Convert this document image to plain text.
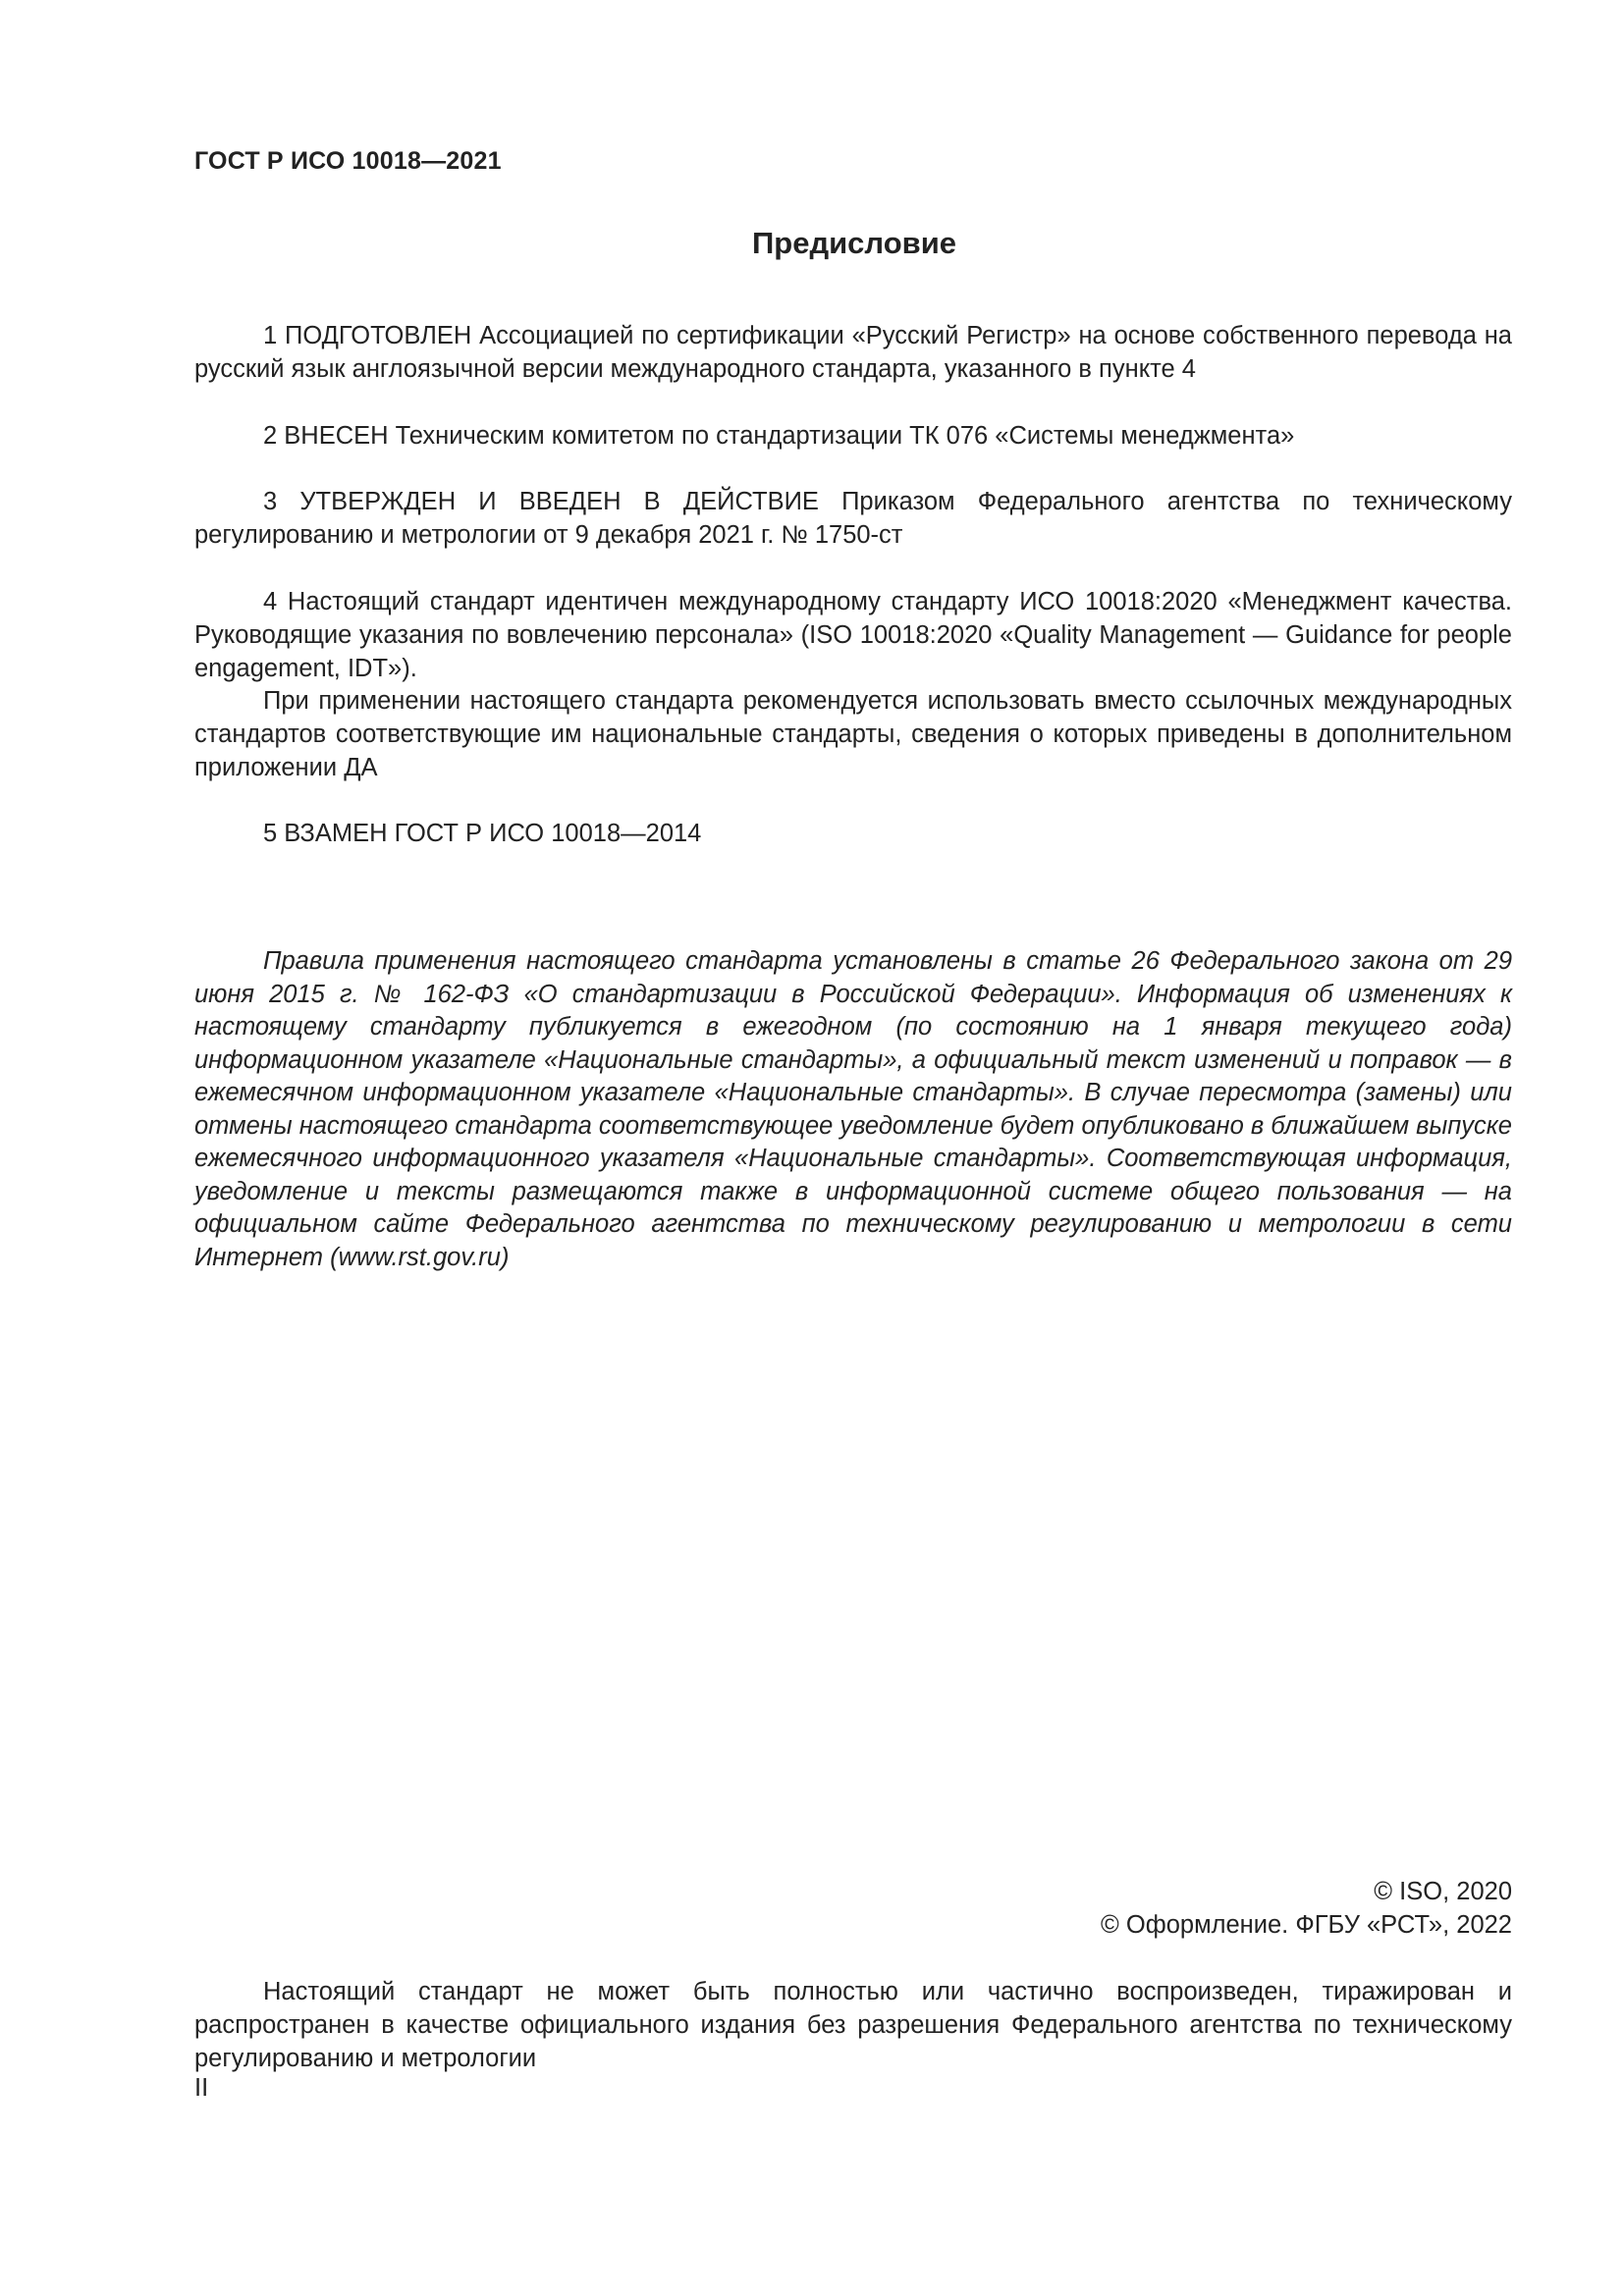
ГОСТ Р ИСО 10018—2021
Предисловие

1 ПОДГОТОВЛЕН Ассоциацией по сертификации «Русский Регистр» на основе собственного перевода на русский язык англоязычной версии международного стандарта, указанного в пункте 4

2 ВНЕСЕН Техническим комитетом по стандартизации ТК 076 «Системы менеджмента»

3 УТВЕРЖДЕН И ВВЕДЕН В ДЕЙСТВИЕ Приказом Федерального агентства по техническому регулированию и метрологии от 9 декабря 2021 г. № 1750-ст

4 Настоящий стандарт идентичен международному стандарту ИСО 10018:2020 «Менеджмент качества. Руководящие указания по вовлечению персонала» (ISO 10018:2020 «Quality Management — Guidance for people engagement, IDT»).

При применении настоящего стандарта рекомендуется использовать вместо ссылочных международных стандартов соответствующие им национальные стандарты, сведения о которых приведены в дополнительном приложении ДА

5 ВЗАМЕН ГОСТ Р ИСО 10018—2014

Правила применения настоящего стандарта установлены в статье 26 Федерального закона от 29 июня 2015 г. № 162-ФЗ «О стандартизации в Российской Федерации». Информация об изменениях к настоящему стандарту публикуется в ежегодном (по состоянию на 1 января текущего года) информационном указателе «Национальные стандарты», а официальный текст изменений и поправок — в ежемесячном информационном указателе «Национальные стандарты». В случае пересмотра (замены) или отмены настоящего стандарта соответствующее уведомление будет опубликовано в ближайшем выпуске ежемесячного информационного указателя «Национальные стандарты». Соответствующая информация, уведомление и тексты размещаются также в информационной системе общего пользования — на официальном сайте Федерального агентства по техническому регулированию и метрологии в сети Интернет (www.rst.gov.ru)

© ISO, 2020
© Оформление. ФГБУ «РСТ», 2022

Настоящий стандарт не может быть полностью или частично воспроизведен, тиражирован и распространен в качестве официального издания без разрешения Федерального агентства по техническому регулированию и метрологии

II
